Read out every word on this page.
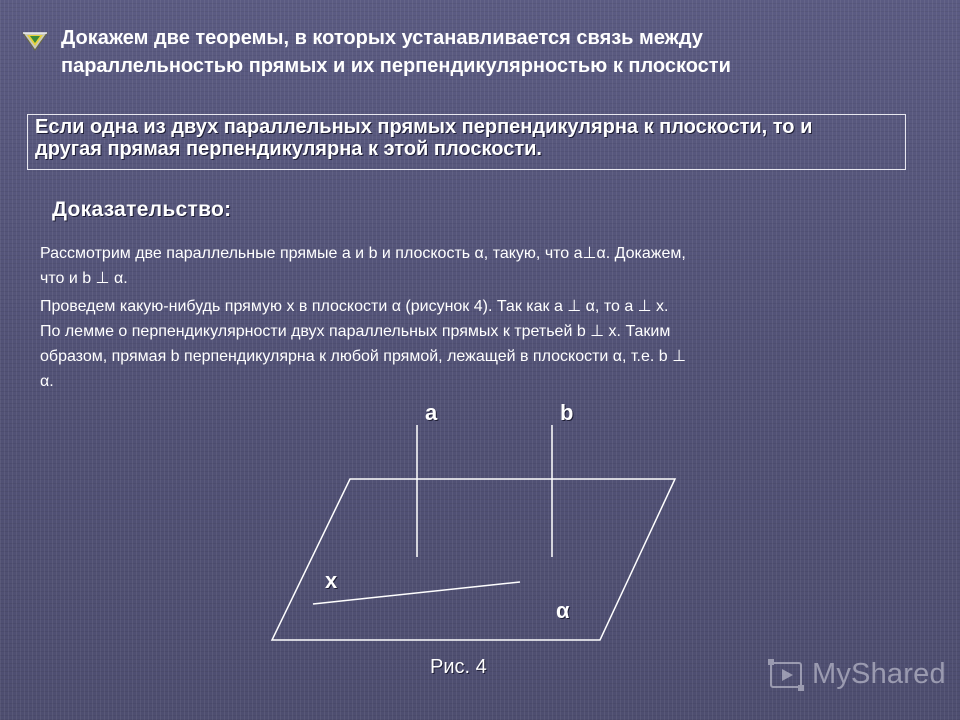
Докажем две теоремы, в которых устанавливается связь между
параллельностью прямых и их перпендикулярностью к плоскости
Если одна из двух параллельных прямых перпендикулярна к плоскости, то и
другая прямая перпендикулярна к этой плоскости.
Доказательство:
Рассмотрим две параллельные прямые a и b и плоскость α, такую, что a⊥α. Докажем,
что и b ⊥ α.
Проведем какую-нибудь прямую x в плоскости α (рисунок 4). Так как a ⊥ α, то a ⊥ x.
По лемме о перпендикулярности двух параллельных прямых к третьей b ⊥ x. Таким
образом, прямая b перпендикулярна к любой прямой, лежащей в плоскости α, т.е. b ⊥
α.
a	b
x
α
Рис. 4	MyShared
